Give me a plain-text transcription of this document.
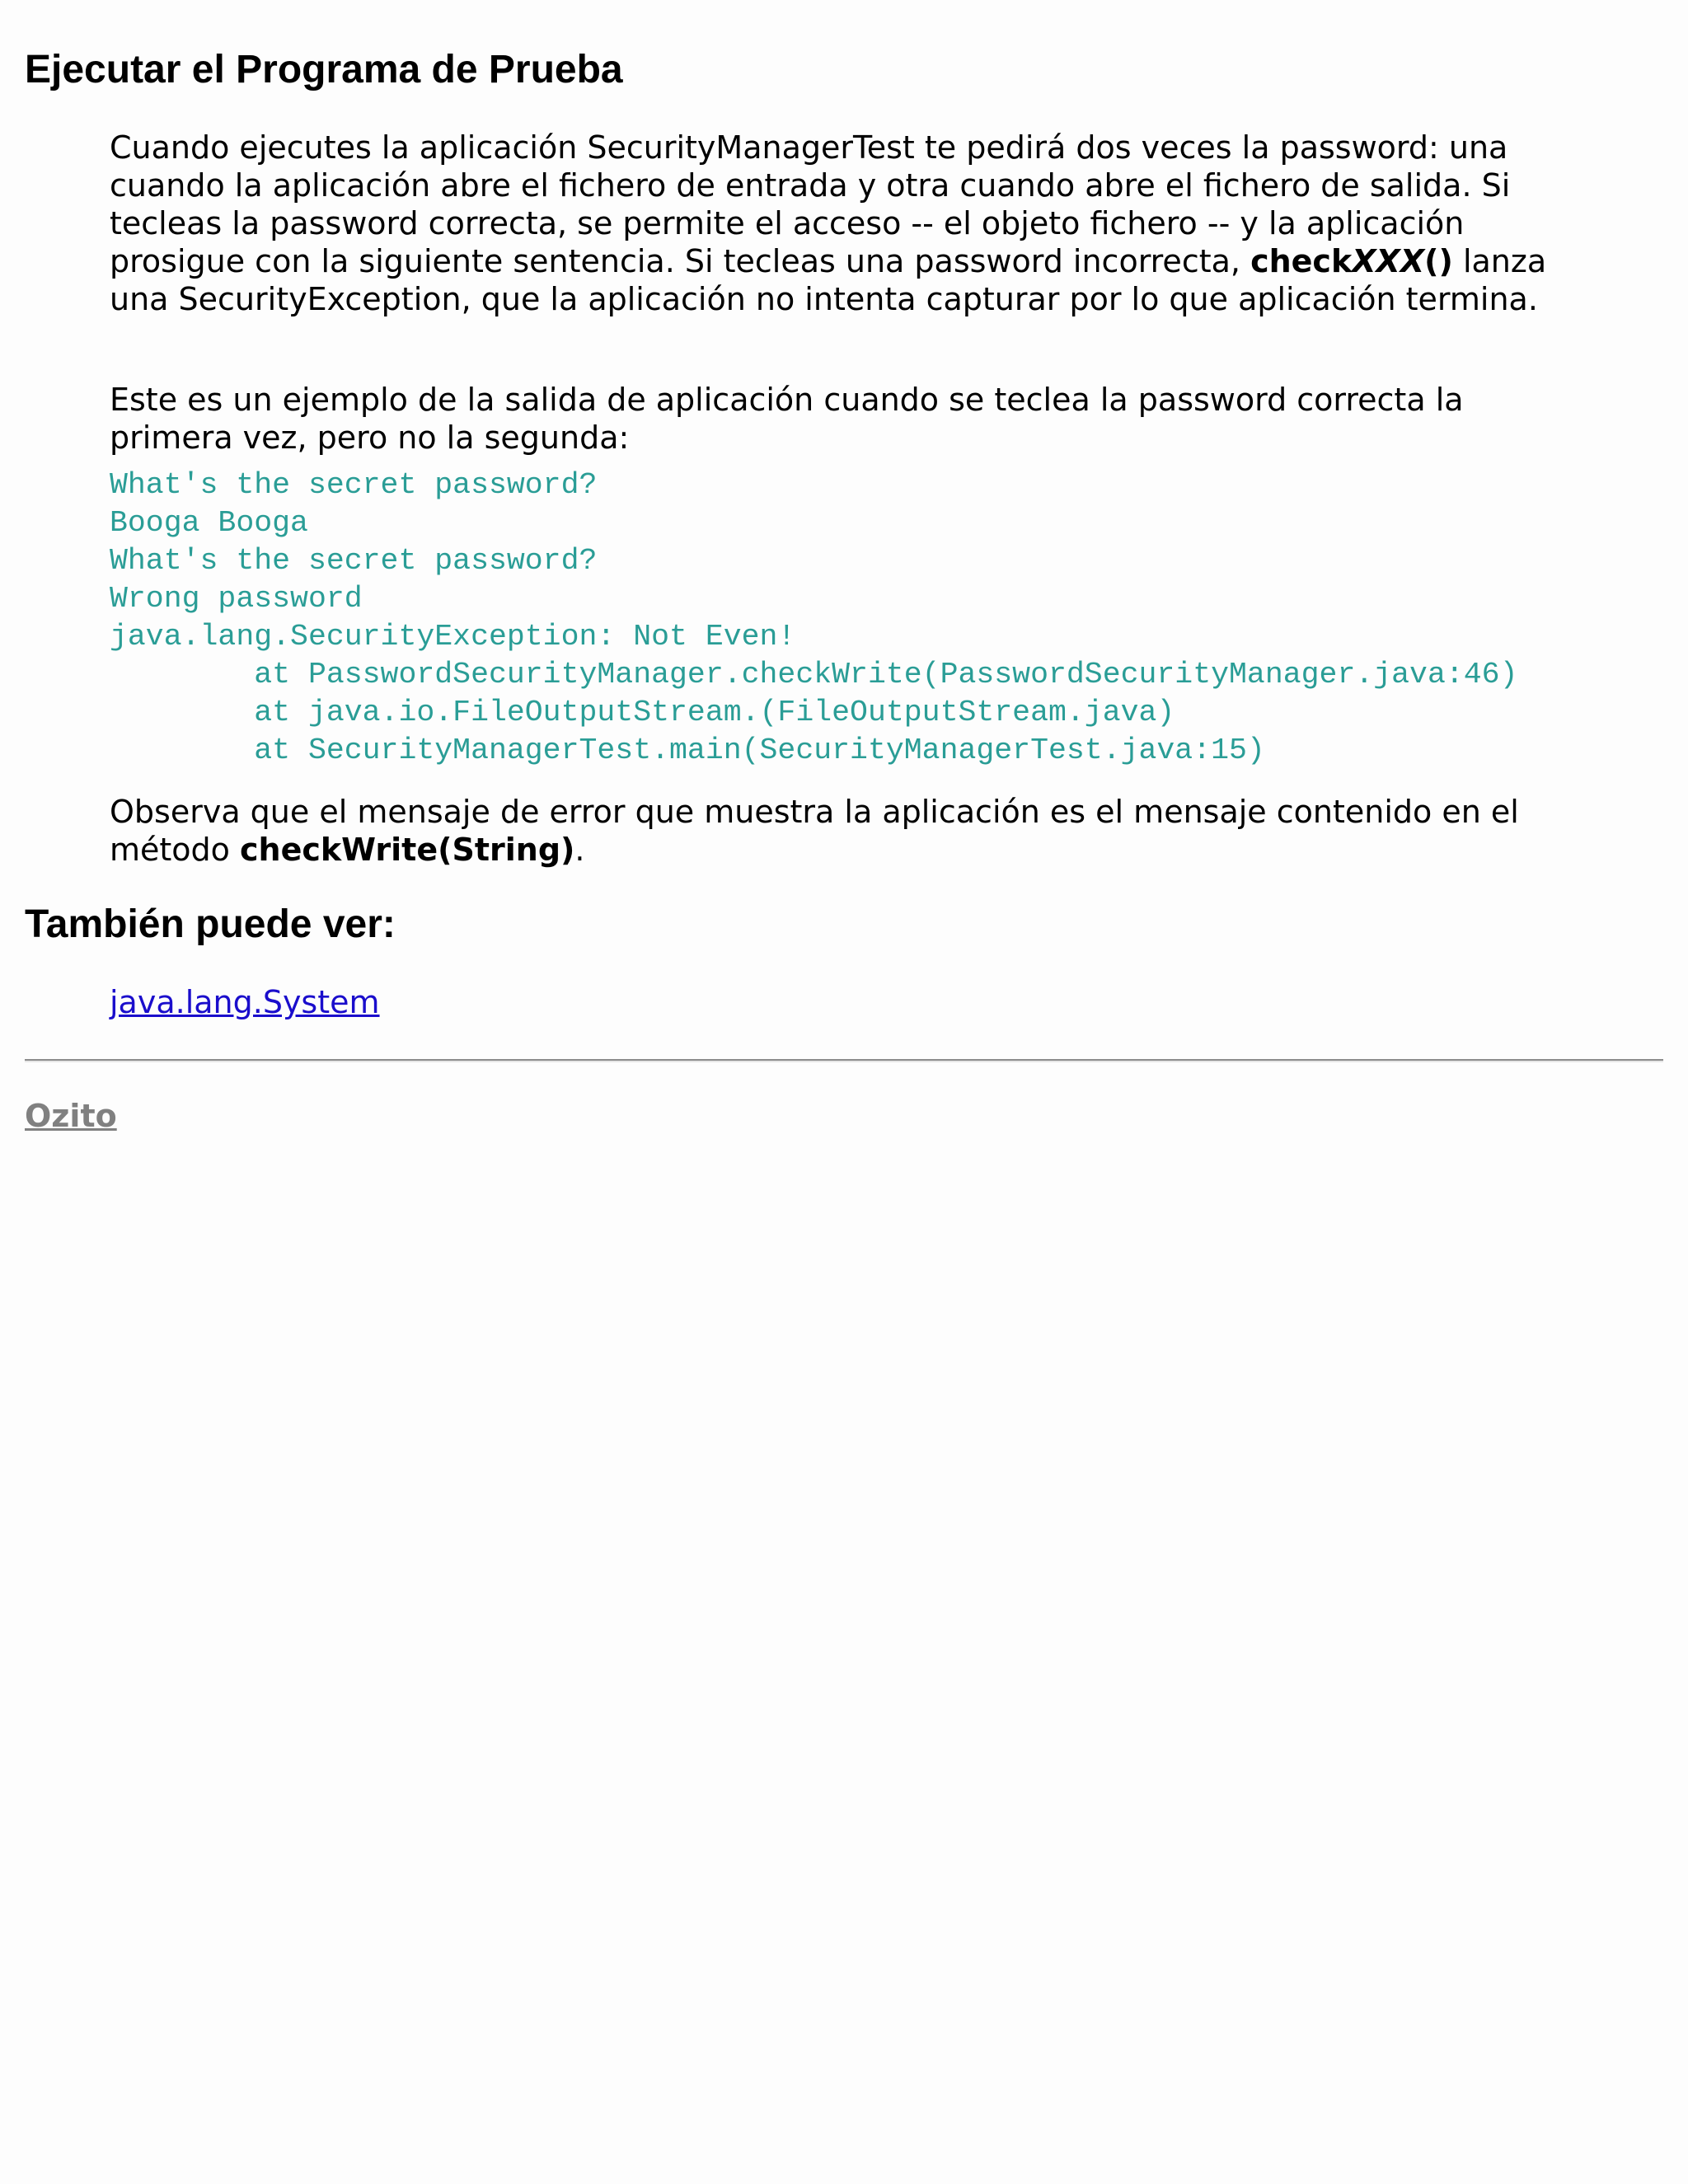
Ejecutar el Programa de Prueba

Cuando ejecutes la aplicación SecurityManagerTest te pedirá dos veces la password: una cuando la aplicación abre el fichero de entrada y otra cuando abre el fichero de salida. Si tecleas la password correcta, se permite el acceso -- el objeto fichero -- y la aplicación prosigue con la siguiente sentencia. Si tecleas una password incorrecta, checkXXX() lanza una SecurityException, que la aplicación no intenta capturar por lo que aplicación termina.

Este es un ejemplo de la salida de aplicación cuando se teclea la password correcta la primera vez, pero no la segunda:

What's the secret password?
Booga Booga
What's the secret password?
Wrong password
java.lang.SecurityException: Not Even!
at PasswordSecurityManager.checkWrite(PasswordSecurityManager.java:46)
at java.io.FileOutputStream.(FileOutputStream.java)
at SecurityManagerTest.main(SecurityManagerTest.java:15)

Observa que el mensaje de error que muestra la aplicación es el mensaje contenido en el método checkWrite(String).

También puede ver:
java.lang.System
Ozito
